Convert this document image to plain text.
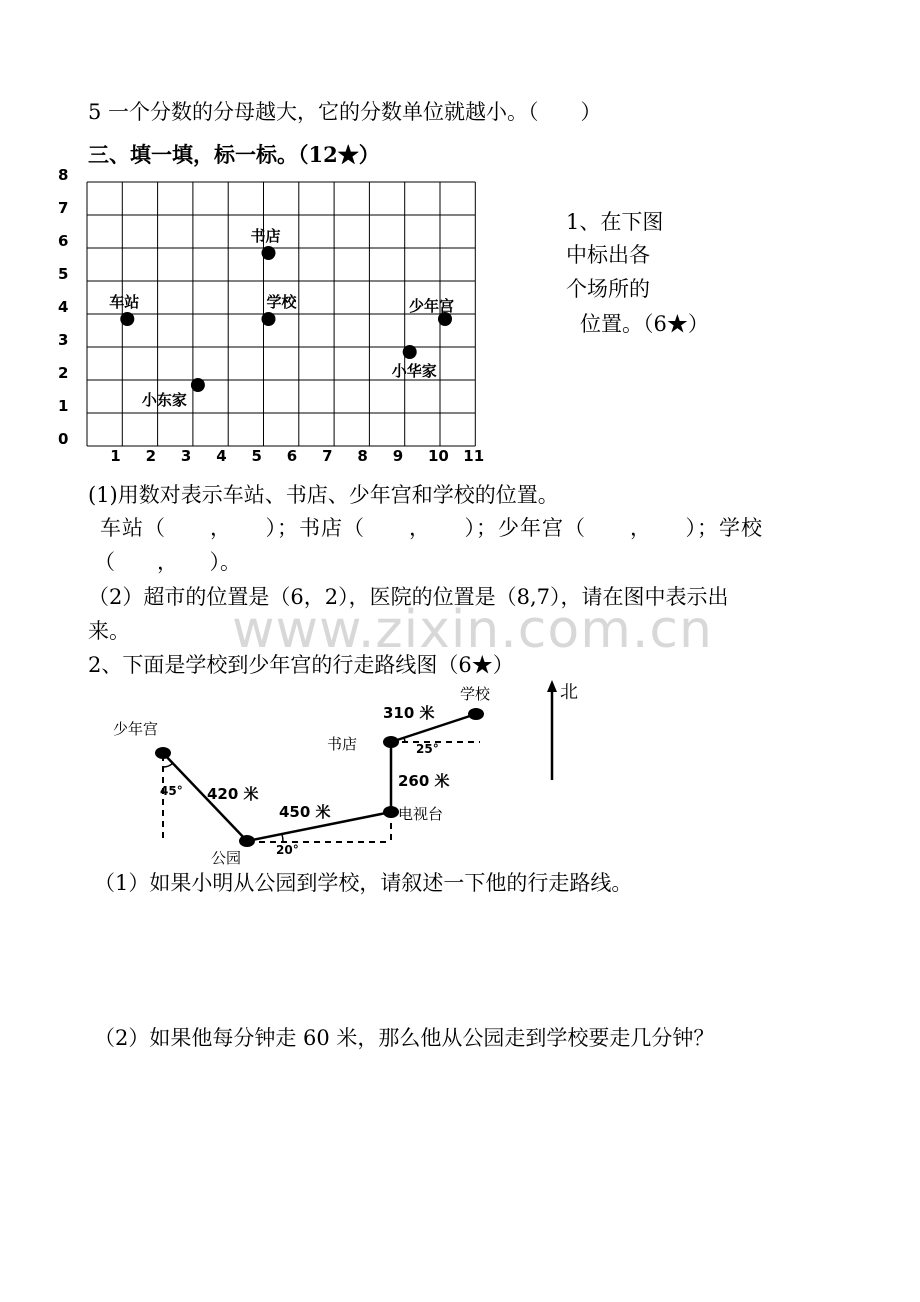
www.zixin.com.cn
5 一个分数的分母越大，它的分数单位就越小。（　　）
三、填一填，标一标。（12★）
1、在下图
中标出各
个场所的
位置。（6★）
1 2 3 4 5 6 7 8 9 10 11
0
1
2
3
4
5
6
7
8
书店
车站	学校	少年宫
小华家
小东家
(1)用数对表示车站、书店、少年宫和学校的位置。
车站（　　，　　）；书店（　　，　　）；少年宫（　　，　　）；学校
（　　，　　）。
（2）超市的位置是（6，2），医院的位置是（8,7），请在图中表示出
来。
2、下面是学校到少年宫的行走路线图（6★）
北
学校
310 米
书店	25°
260 米
电视台
450 米
420 米
少年宫
45°
公园	20°
（1）如果小明从公园到学校，请叙述一下他的行走路线。
（2）如果他每分钟走 60 米，那么他从公园走到学校要走几分钟？
